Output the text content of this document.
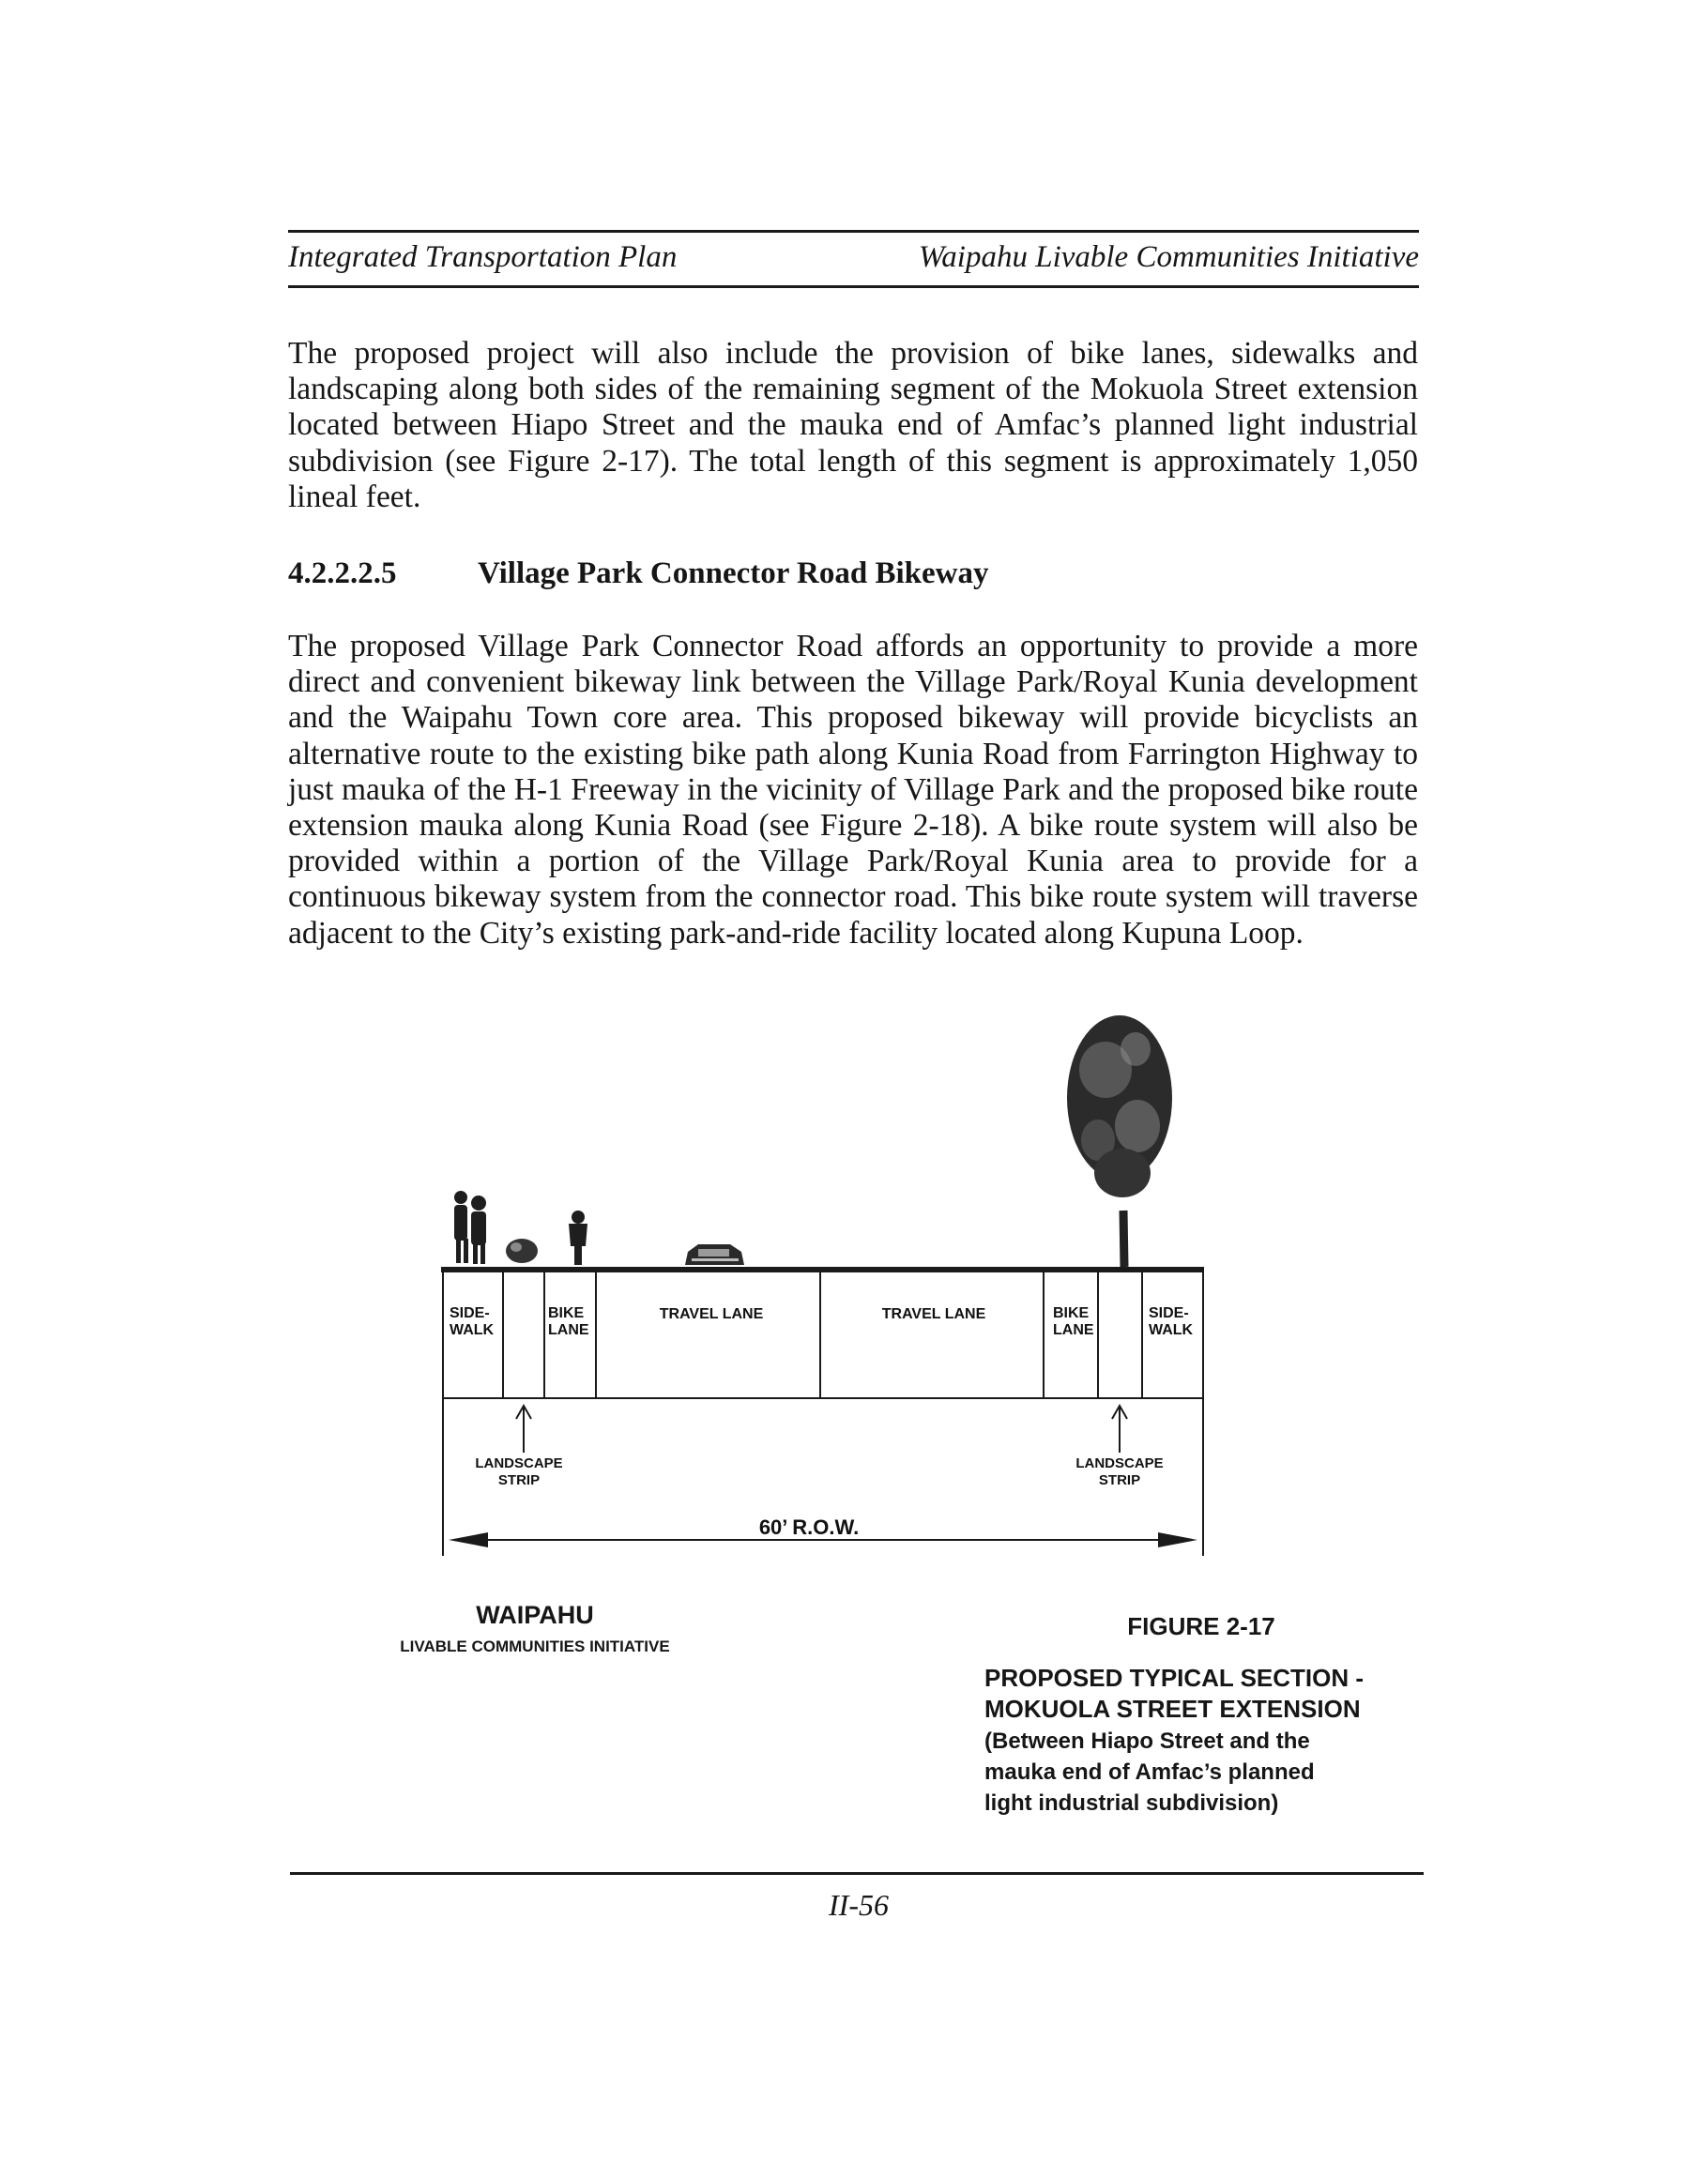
Integrated Transportation Plan	Waipahu Livable Communities Initiative

The proposed project will also include the provision of bike lanes, sidewalks and landscaping along both sides of the remaining segment of the Mokuola Street extension located between Hiapo Street and the mauka end of Amfac’s planned light industrial subdivision (see Figure 2-17). The total length of this segment is approximately 1,050 lineal feet.

4.2.2.2.5	Village Park Connector Road Bikeway

The proposed Village Park Connector Road affords an opportunity to provide a more direct and convenient bikeway link between the Village Park/Royal Kunia development and the Waipahu Town core area. This proposed bikeway will provide bicyclists an alternative route to the existing bike path along Kunia Road from Farrington Highway to just mauka of the H-1 Freeway in the vicinity of Village Park and the proposed bike route extension mauka along Kunia Road (see Figure 2-18). A bike route system will also be provided within a portion of the Village Park/Royal Kunia area to provide for a continuous bikeway system from the connector road. This bike route system will traverse adjacent to the City’s existing park-and-ride facility located along Kupuna Loop.

SIDE-
WALK
BIKE
LANE
TRAVEL LANE	TRAVEL LANE	BIKE
LANE
SIDE-
WALK
LANDSCAPE
STRIP
LANDSCAPE
STRIP
60’ R.O.W.
WAIPAHU
LIVABLE COMMUNITIES INITIATIVE
FIGURE 2-17
PROPOSED TYPICAL SECTION -
MOKUOLA STREET EXTENSION
(Between Hiapo Street and the
mauka end of Amfac’s planned
light industrial subdivision)
II-56
